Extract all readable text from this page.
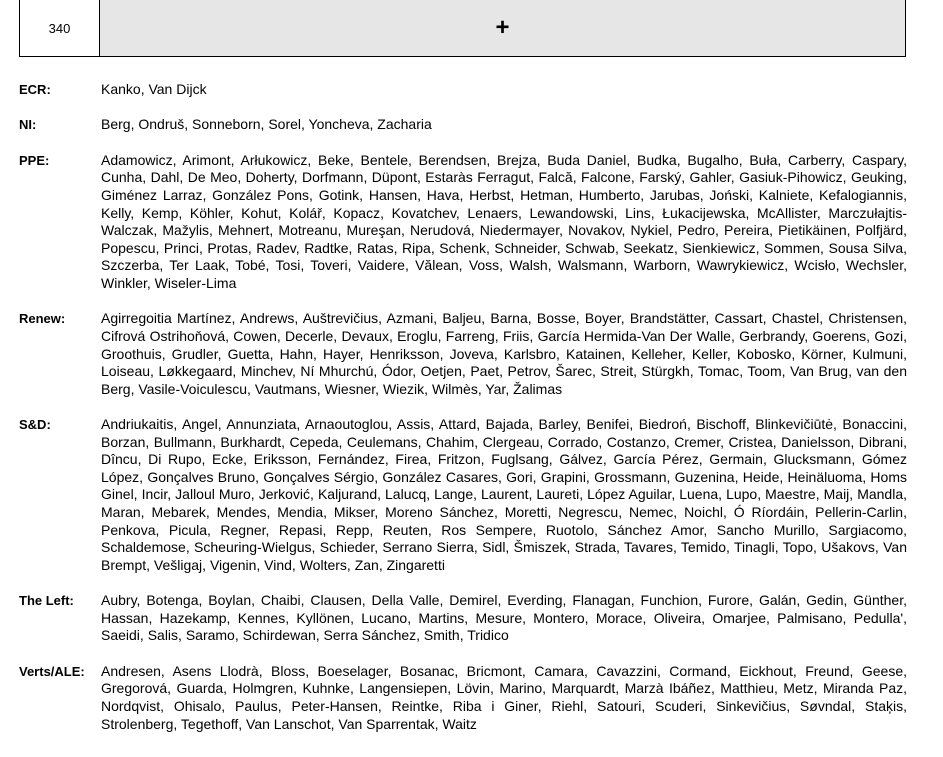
340	+
ECR:	Kanko, Van Dijck
NI:	Berg, Ondruš, Sonneborn, Sorel, Yoncheva, Zacharia
PPE:	Adamowicz, Arimont, Arłukowicz, Beke, Bentele, Berendsen, Brejza, Buda Daniel, Budka, Bugalho, Buła, Carberry, Caspary, Cunha, Dahl, De Meo, Doherty, Dorfmann, Düpont, Estaràs Ferragut, Falcă, Falcone, Farský, Gahler, Gasiuk-Pihowicz, Geuking, Giménez Larraz, González Pons, Gotink, Hansen, Hava, Herbst, Hetman, Humberto, Jarubas, Joński, Kalniete, Kefalogiannis, Kelly, Kemp, Köhler, Kohut, Kolář, Kopacz, Kovatchev, Lenaers, Lewandowski, Lins, Łukacijewska, McAllister, Marczułajtis-Walczak, Mažylis, Mehnert, Motreanu, Mureşan, Nerudová, Niedermayer, Novakov, Nykiel, Pedro, Pereira, Pietikäinen, Polfjärd, Popescu, Princi, Protas, Radev, Radtke, Ratas, Ripa, Schenk, Schneider, Schwab, Seekatz, Sienkiewicz, Sommen, Sousa Silva, Szczerba, Ter Laak, Tobé, Tosi, Toveri, Vaidere, Vălean, Voss, Walsh, Walsmann, Warborn, Wawrykiewicz, Wcisło, Wechsler, Winkler, Wiseler-Lima
Renew:	Agirregoitia Martínez, Andrews, Auštrevičius, Azmani, Baljeu, Barna, Bosse, Boyer, Brandstätter, Cassart, Chastel, Christensen, Cifrová Ostrihoňová, Cowen, Decerle, Devaux, Eroglu, Farreng, Friis, García Hermida-Van Der Walle, Gerbrandy, Goerens, Gozi, Groothuis, Grudler, Guetta, Hahn, Hayer, Henriksson, Joveva, Karlsbro, Katainen, Kelleher, Keller, Kobosko, Körner, Kulmuni, Loiseau, Løkkegaard, Minchev, Ní Mhurchú, Ódor, Oetjen, Paet, Petrov, Šarec, Streit, Stürgkh, Tomac, Toom, Van Brug, van den Berg, Vasile-Voiculescu, Vautmans, Wiesner, Wiezik, Wilmès, Yar, Žalimas
S&D:	Andriukaitis, Angel, Annunziata, Arnaoutoglou, Assis, Attard, Bajada, Barley, Benifei, Biedroń, Bischoff, Blinkevičiūtė, Bonaccini, Borzan, Bullmann, Burkhardt, Cepeda, Ceulemans, Chahim, Clergeau, Corrado, Costanzo, Cremer, Cristea, Danielsson, Dibrani, Dîncu, Di Rupo, Ecke, Eriksson, Fernández, Firea, Fritzon, Fuglsang, Gálvez, García Pérez, Germain, Glucksmann, Gómez López, Gonçalves Bruno, Gonçalves Sérgio, González Casares, Gori, Grapini, Grossmann, Guzenina, Heide, Heinäluoma, Homs Ginel, Incir, Jalloul Muro, Jerković, Kaljurand, Lalucq, Lange, Laurent, Laureti, López Aguilar, Luena, Lupo, Maestre, Maij, Mandla, Maran, Mebarek, Mendes, Mendia, Mikser, Moreno Sánchez, Moretti, Negrescu, Nemec, Noichl, Ó Ríordáin, Pellerin-Carlin, Penkova, Picula, Regner, Repasi, Repp, Reuten, Ros Sempere, Ruotolo, Sánchez Amor, Sancho Murillo, Sargiacomo, Schaldemose, Scheuring-Wielgus, Schieder, Serrano Sierra, Sidl, Šmiszek, Strada, Tavares, Temido, Tinagli, Topo, Ušakovs, Van Brempt, Vešligaj, Vigenin, Vind, Wolters, Zan, Zingaretti
The Left:	Aubry, Botenga, Boylan, Chaibi, Clausen, Della Valle, Demirel, Everding, Flanagan, Funchion, Furore, Galán, Gedin, Günther, Hassan, Hazekamp, Kennes, Kyllönen, Lucano, Martins, Mesure, Montero, Morace, Oliveira, Omarjee, Palmisano, Pedulla', Saeidi, Salis, Saramo, Schirdewan, Serra Sánchez, Smith, Tridico
Verts/ALE:	Andresen, Asens Llodrà, Bloss, Boeselager, Bosanac, Bricmont, Camara, Cavazzini, Cormand, Eickhout, Freund, Geese, Gregorová, Guarda, Holmgren, Kuhnke, Langensiepen, Lövin, Marino, Marquardt, Marzà Ibáñez, Matthieu, Metz, Miranda Paz, Nordqvist, Ohisalo, Paulus, Peter-Hansen, Reintke, Riba i Giner, Riehl, Satouri, Scuderi, Sinkevičius, Søvndal, Staķis, Strolenberg, Tegethoff, Van Lanschot, Van Sparrentak, Waitz
